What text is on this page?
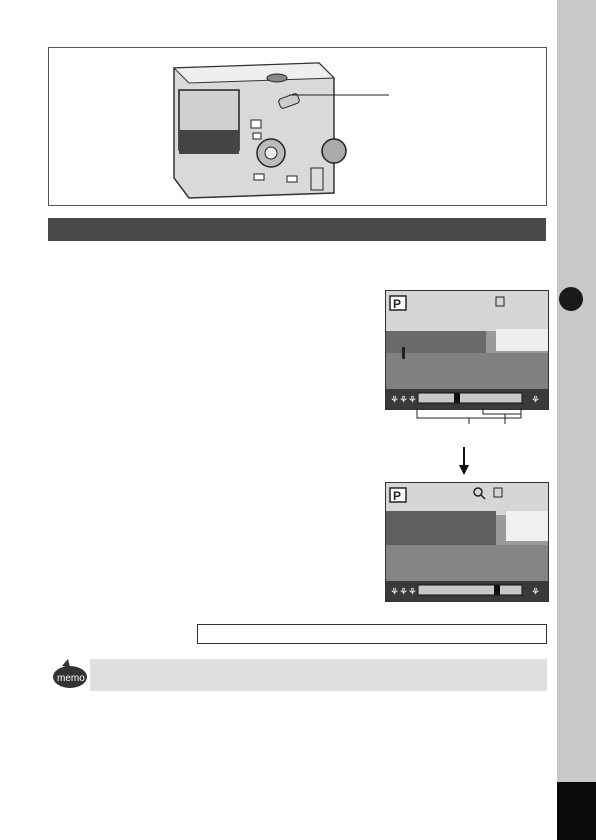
P
⚘⚘⚘	⚘
P
⚘⚘⚘	⚘
memo
